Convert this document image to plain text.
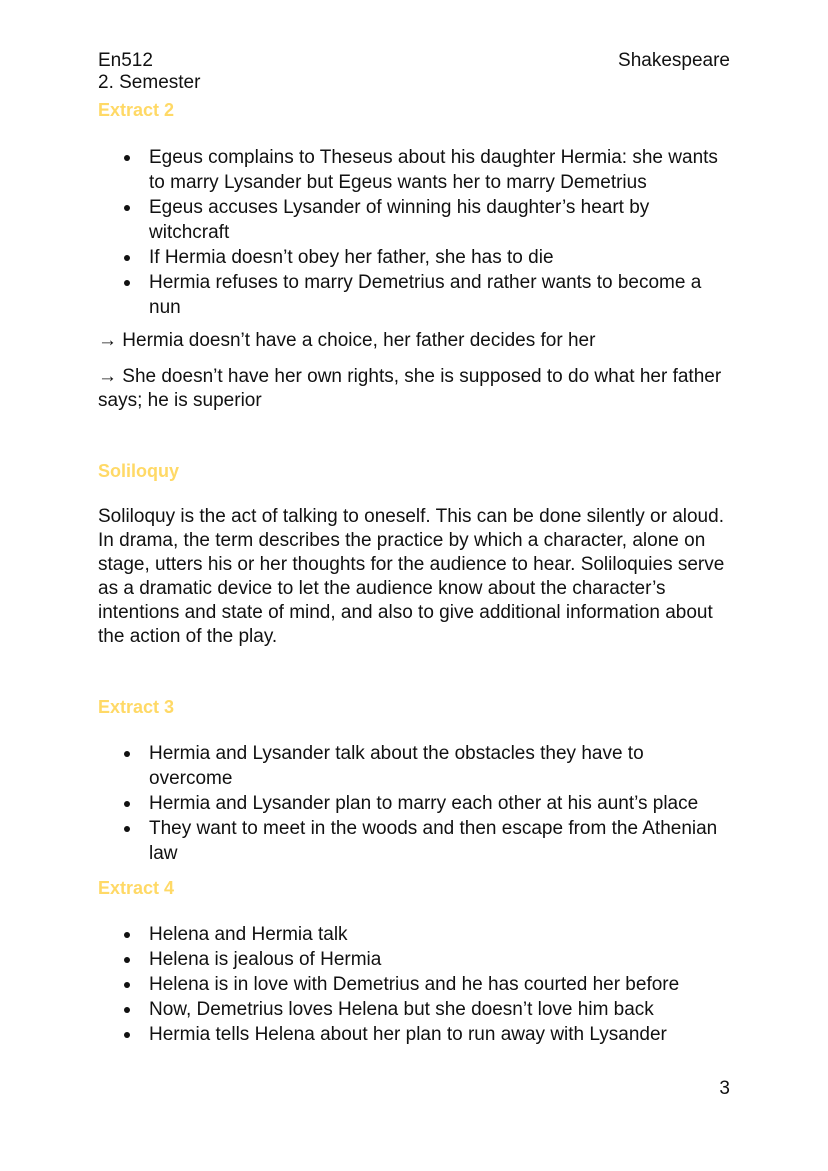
En512
2. Semester
Shakespeare
Extract 2
Egeus complains to Theseus about his daughter Hermia: she wants to marry Lysander but Egeus wants her to marry Demetrius
Egeus accuses Lysander of winning his daughter’s heart by witchcraft
If Hermia doesn’t obey her father, she has to die
Hermia refuses to marry Demetrius and rather wants to become a nun

→ Hermia doesn’t have a choice, her father decides for her

→ She doesn’t have her own rights, she is supposed to do what her father says; he is superior

Soliloquy

Soliloquy is the act of talking to oneself. This can be done silently or aloud. In drama, the term describes the practice by which a character, alone on stage, utters his or her thoughts for the audience to hear. Soliloquies serve as a dramatic device to let the audience know about the character’s intentions and state of mind, and also to give additional information about the action of the play.

Extract 3
Hermia and Lysander talk about the obstacles they have to overcome
Hermia and Lysander plan to marry each other at his aunt’s place
They want to meet in the woods and then escape from the Athenian law
Extract 4
Helena and Hermia talk
Helena is jealous of Hermia
Helena is in love with Demetrius and he has courted her before
Now, Demetrius loves Helena but she doesn’t love him back
Hermia tells Helena about her plan to run away with Lysander
3
